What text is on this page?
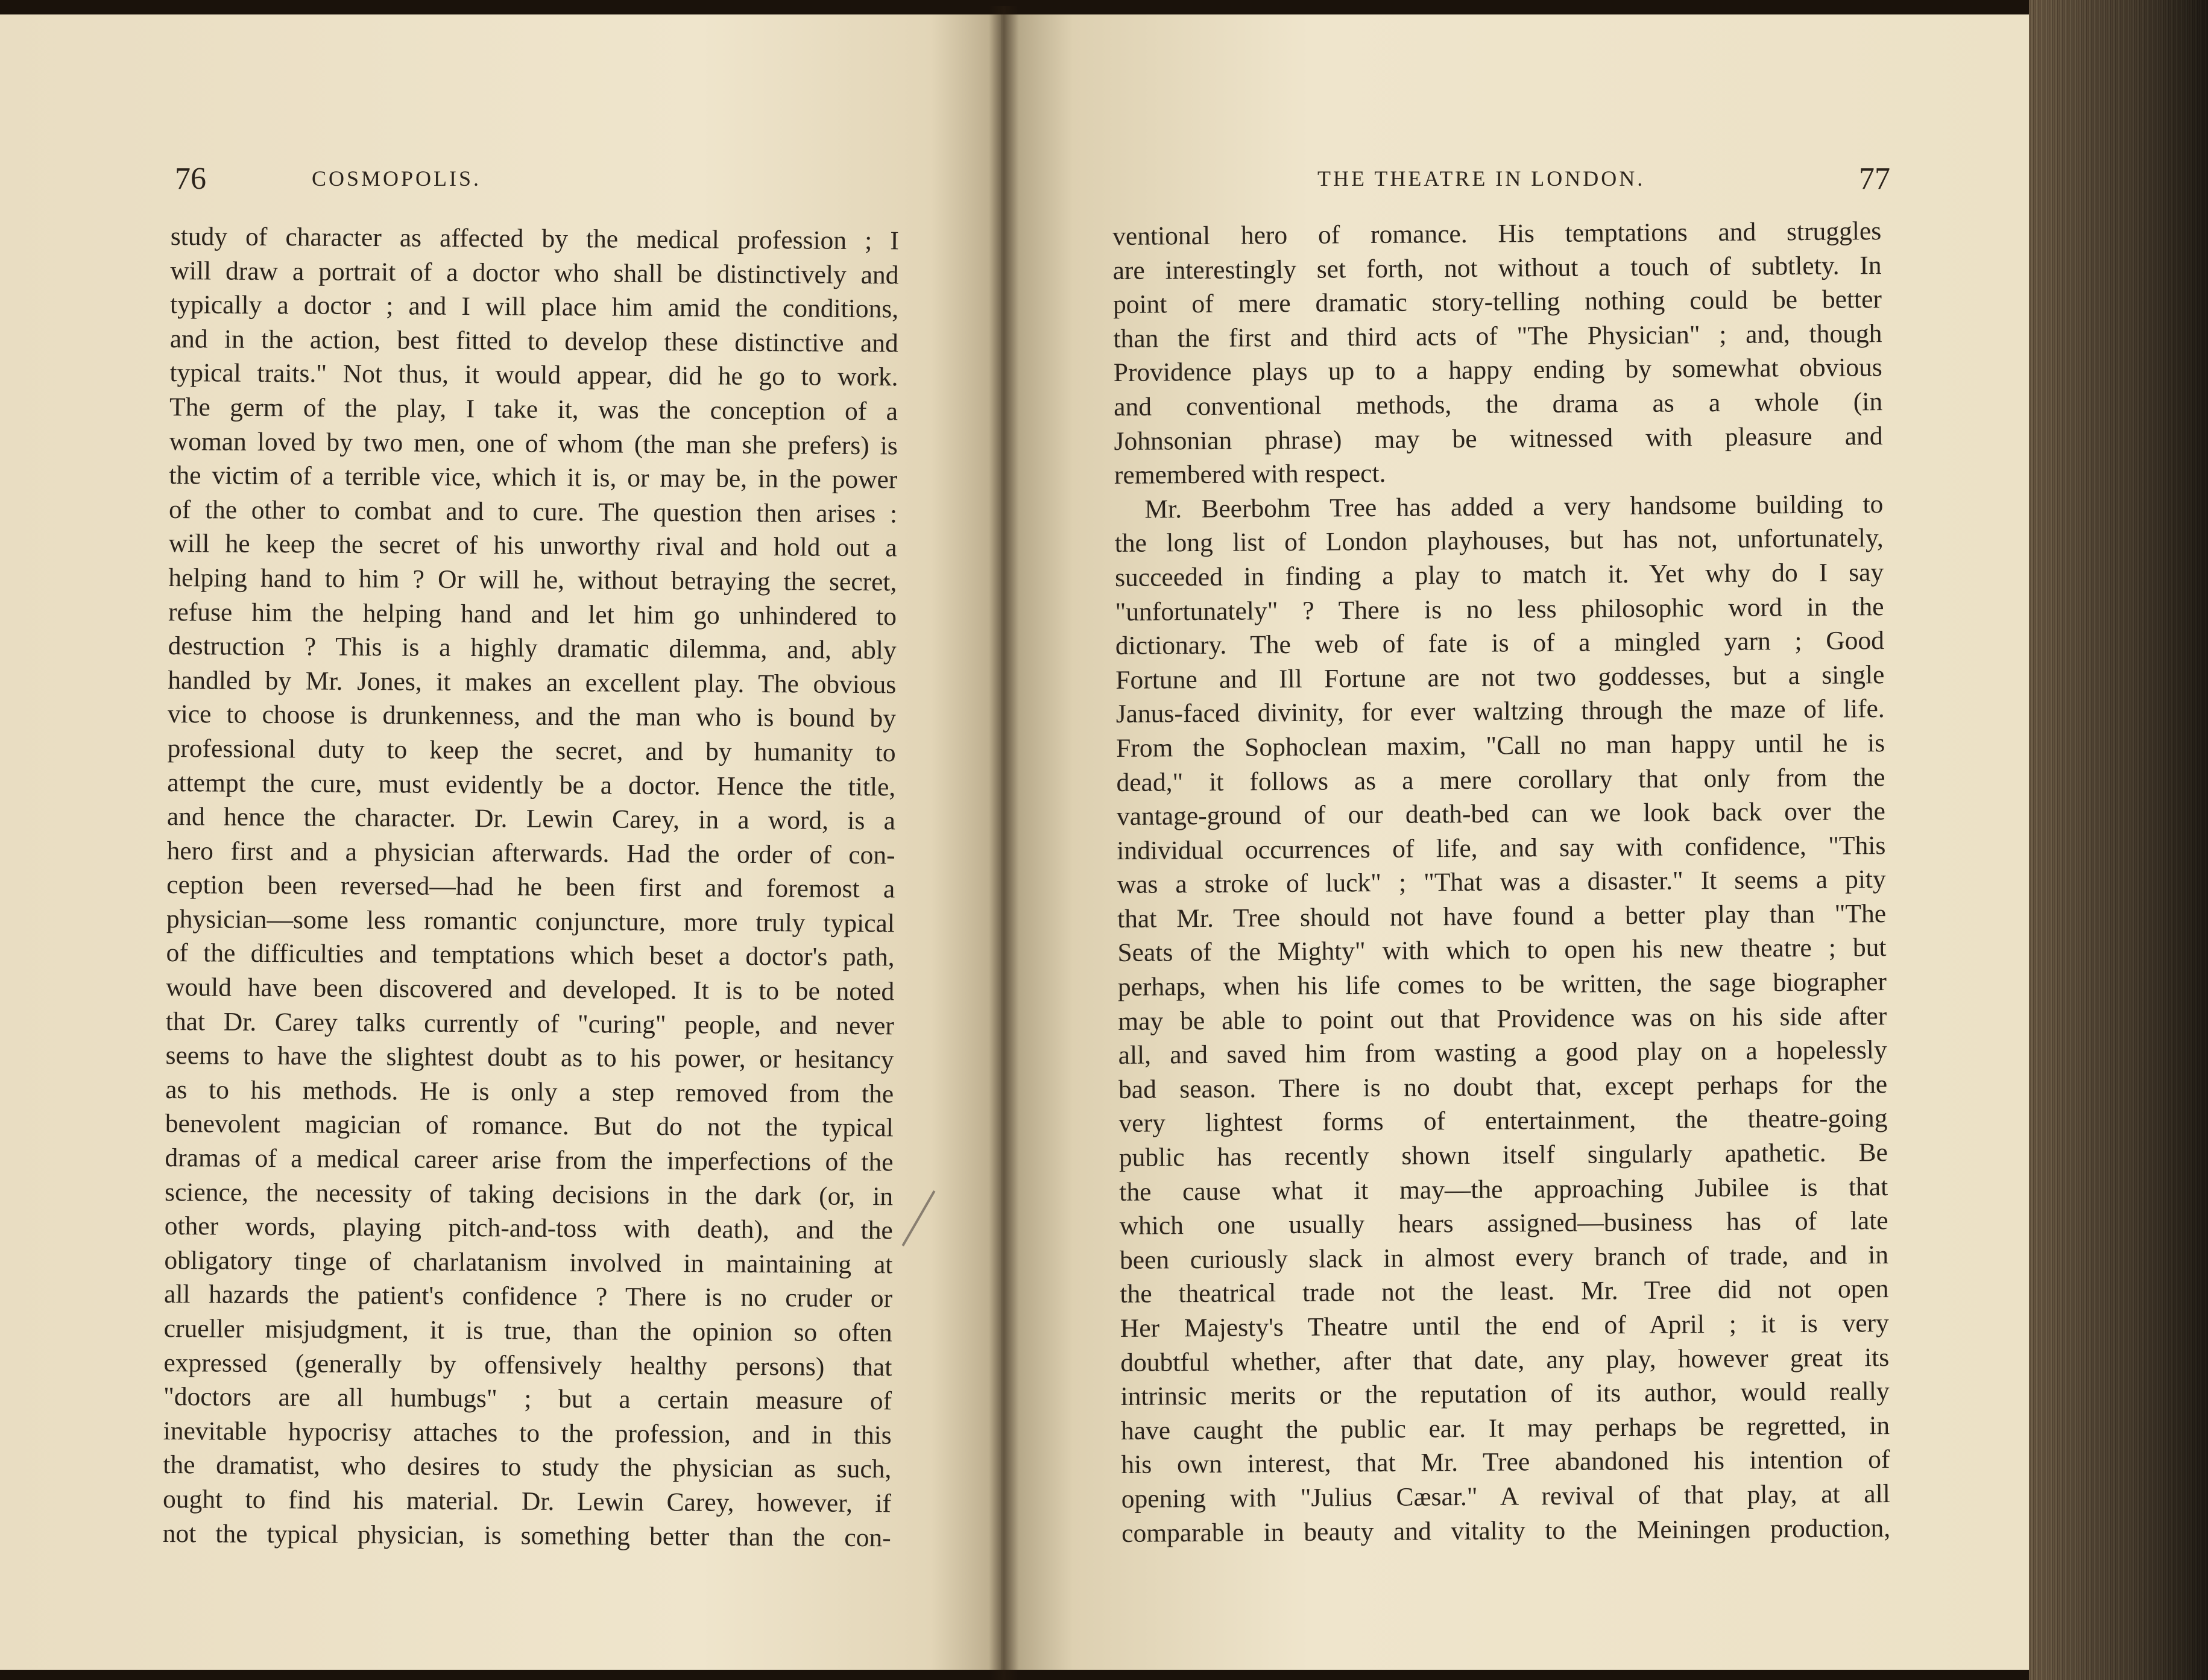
76	COSMOPOLIS.
study of character as affected by the medical profession ; I
will draw a portrait of a doctor who shall be distinctively and
typically a doctor ; and I will place him amid the conditions,
and in the action, best fitted to develop these distinctive and
typical traits." Not thus, it would appear, did he go to work.
The germ of the play, I take it, was the conception of a
woman loved by two men, one of whom (the man she prefers) is
the victim of a terrible vice, which it is, or may be, in the power
of the other to combat and to cure. The question then arises :
will he keep the secret of his unworthy rival and hold out a
helping hand to him ? Or will he, without betraying the secret,
refuse him the helping hand and let him go unhindered to
destruction ? This is a highly dramatic dilemma, and, ably
handled by Mr. Jones, it makes an excellent play. The obvious
vice to choose is drunkenness, and the man who is bound by
professional duty to keep the secret, and by humanity to
attempt the cure, must evidently be a doctor. Hence the title,
and hence the character. Dr. Lewin Carey, in a word, is a
hero first and a physician afterwards. Had the order of con-
ception been reversed—had he been first and foremost a
physician—some less romantic conjuncture, more truly typical
of the difficulties and temptations which beset a doctor's path,
would have been discovered and developed. It is to be noted
that Dr. Carey talks currently of "curing" people, and never
seems to have the slightest doubt as to his power, or hesitancy
as to his methods. He is only a step removed from the
benevolent magician of romance. But do not the typical
dramas of a medical career arise from the imperfections of the
science, the necessity of taking decisions in the dark (or, in
other words, playing pitch-and-toss with death), and the
obligatory tinge of charlatanism involved in maintaining at
all hazards the patient's confidence ? There is no cruder or
crueller misjudgment, it is true, than the opinion so often
expressed (generally by offensively healthy persons) that
"doctors are all humbugs" ; but a certain measure of
inevitable hypocrisy attaches to the profession, and in this
the dramatist, who desires to study the physician as such,
ought to find his material. Dr. Lewin Carey, however, if
not the typical physician, is something better than the con-
THE THEATRE IN LONDON.	77
ventional hero of romance. His temptations and struggles
are interestingly set forth, not without a touch of subtlety. In
point of mere dramatic story-telling nothing could be better
than the first and third acts of "The Physician" ; and, though
Providence plays up to a happy ending by somewhat obvious
and conventional methods, the drama as a whole (in
Johnsonian phrase) may be witnessed with pleasure and
remembered with respect.
Mr. Beerbohm Tree has added a very handsome building to
the long list of London playhouses, but has not, unfortunately,
succeeded in finding a play to match it. Yet why do I say
"unfortunately" ? There is no less philosophic word in the
dictionary. The web of fate is of a mingled yarn ; Good
Fortune and Ill Fortune are not two goddesses, but a single
Janus-faced divinity, for ever waltzing through the maze of life.
From the Sophoclean maxim, "Call no man happy until he is
dead," it follows as a mere corollary that only from the
vantage-ground of our death-bed can we look back over the
individual occurrences of life, and say with confidence, "This
was a stroke of luck" ; "That was a disaster." It seems a pity
that Mr. Tree should not have found a better play than "The
Seats of the Mighty" with which to open his new theatre ; but
perhaps, when his life comes to be written, the sage biographer
may be able to point out that Providence was on his side after
all, and saved him from wasting a good play on a hopelessly
bad season. There is no doubt that, except perhaps for the
very lightest forms of entertainment, the theatre-going
public has recently shown itself singularly apathetic. Be
the cause what it may—the approaching Jubilee is that
which one usually hears assigned—business has of late
been curiously slack in almost every branch of trade, and in
the theatrical trade not the least. Mr. Tree did not open
Her Majesty's Theatre until the end of April ; it is very
doubtful whether, after that date, any play, however great its
intrinsic merits or the reputation of its author, would really
have caught the public ear. It may perhaps be regretted, in
his own interest, that Mr. Tree abandoned his intention of
opening with "Julius Cæsar." A revival of that play, at all
comparable in beauty and vitality to the Meiningen production,
